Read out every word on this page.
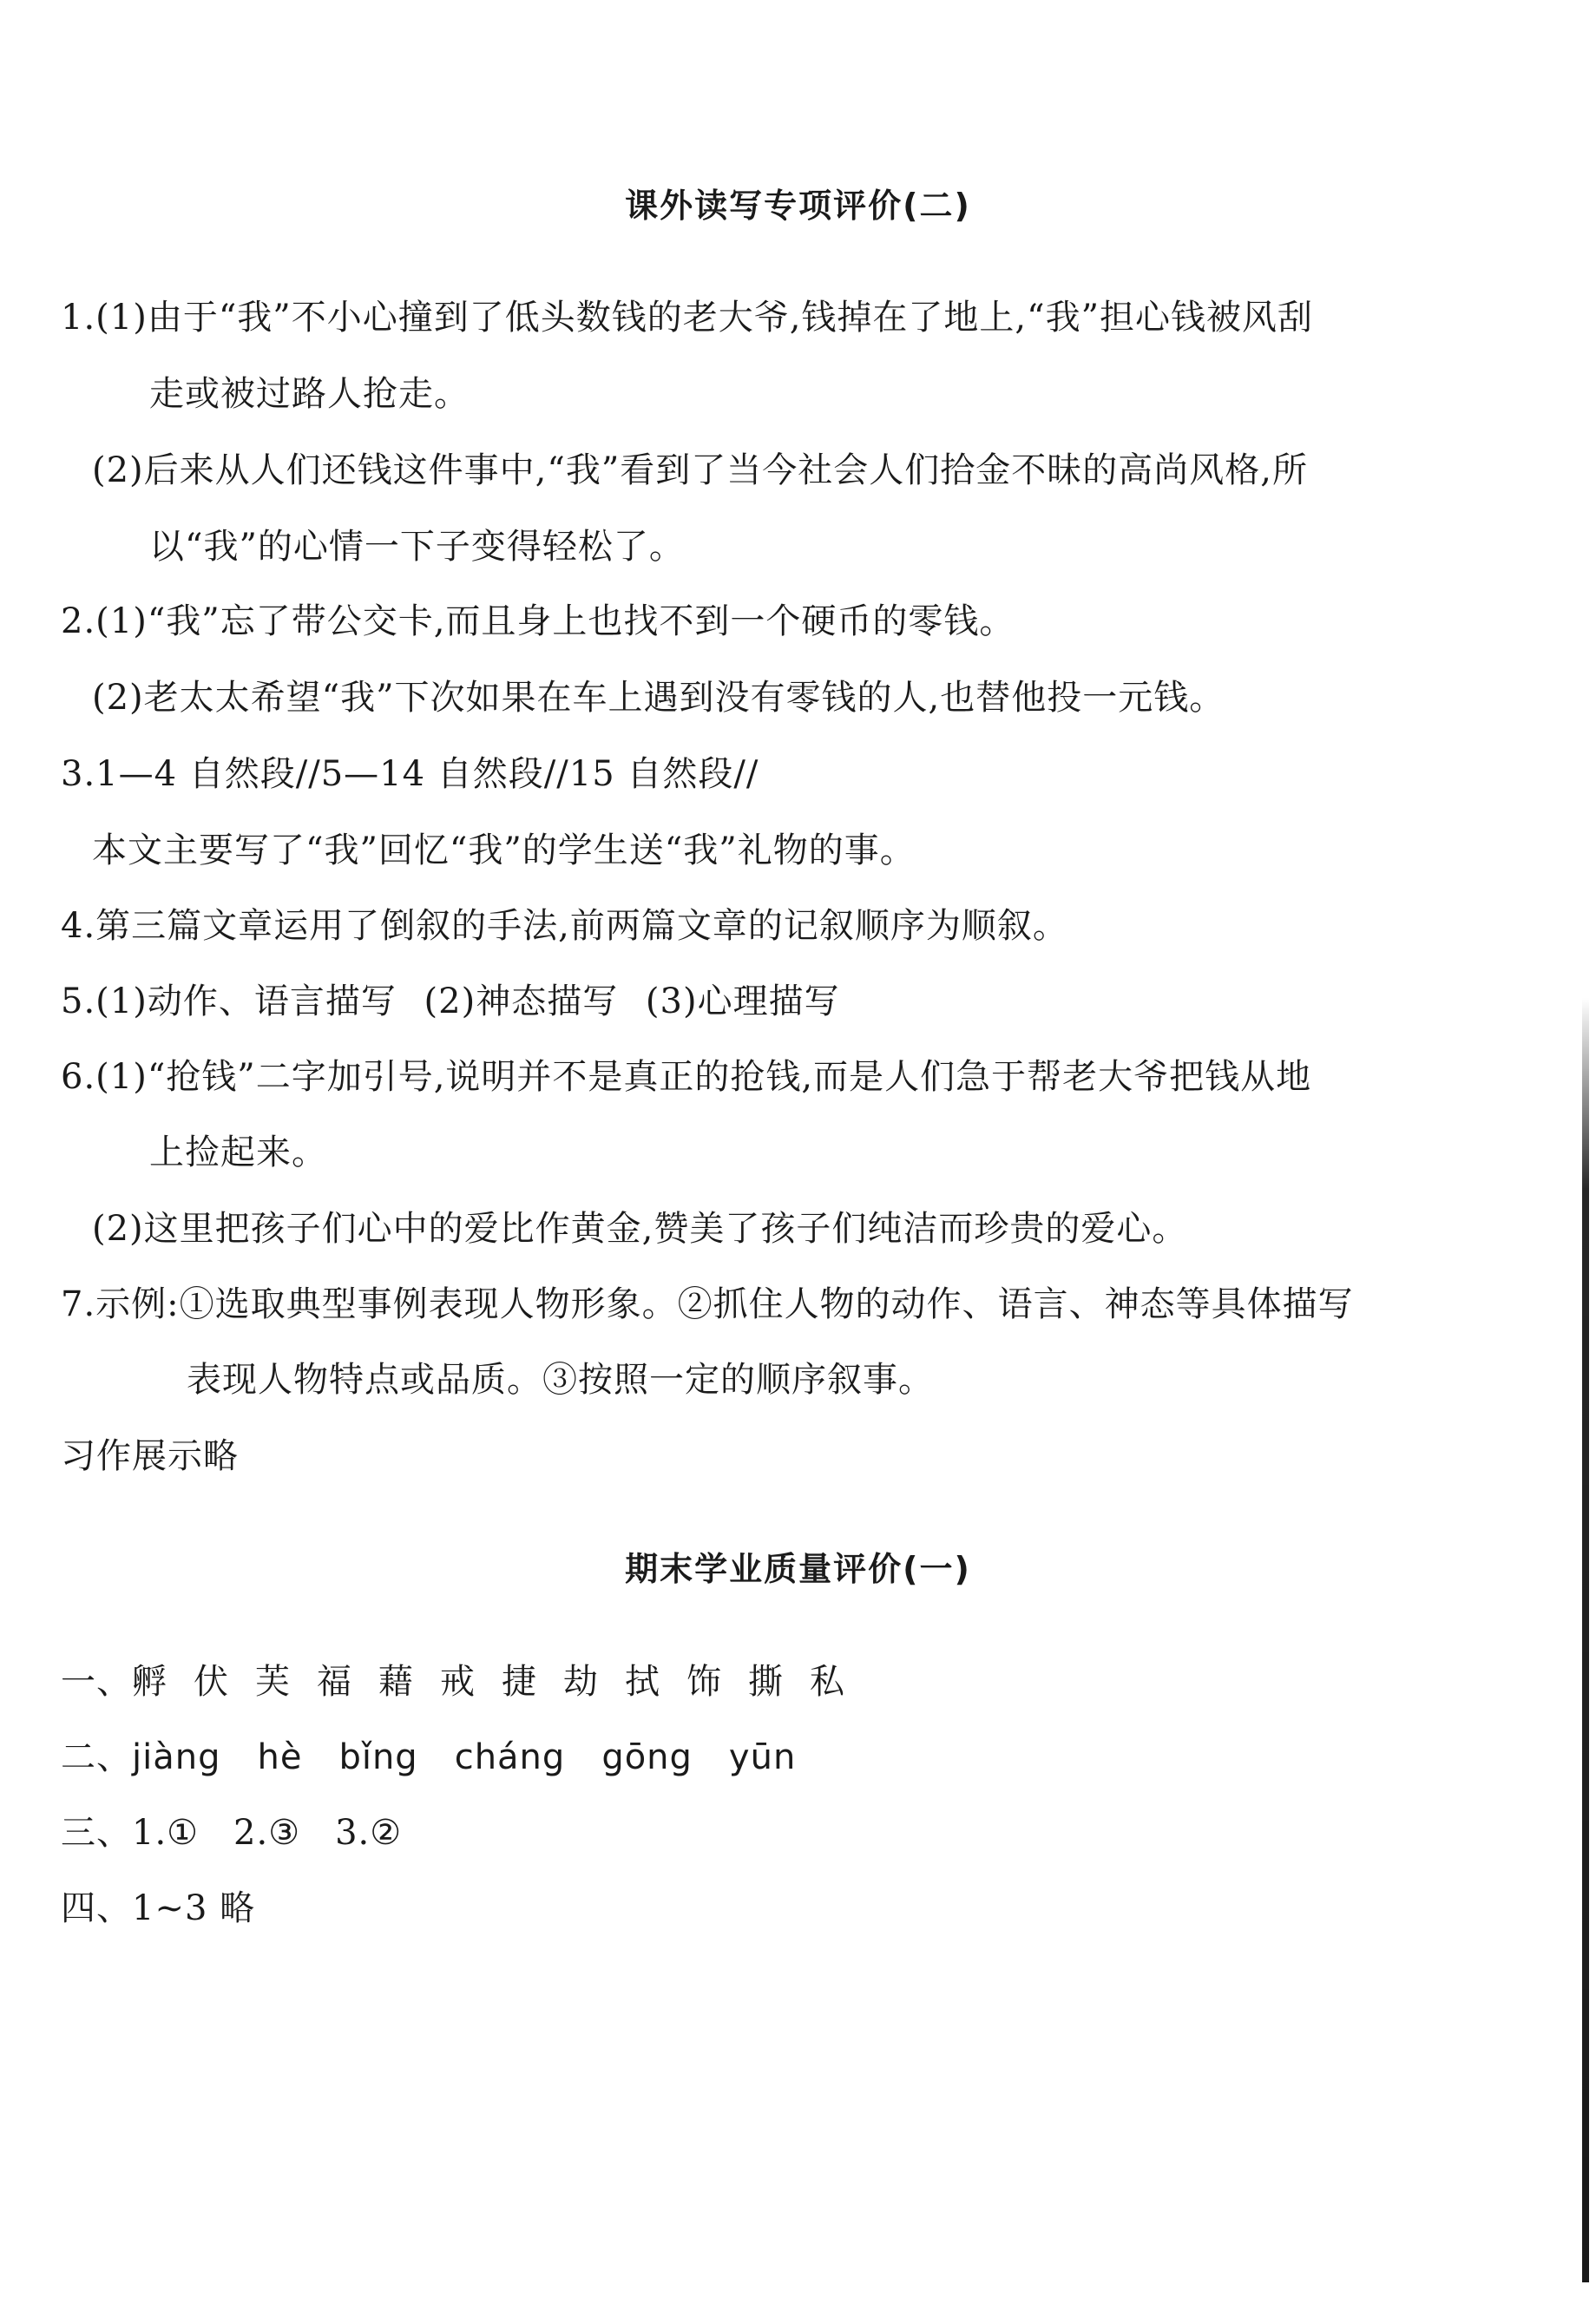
课外读写专项评价(二)
1.(1)由于“我”不小心撞到了低头数钱的老大爷,钱掉在了地上,“我”担心钱被风刮
走或被过路人抢走。
(2)后来从人们还钱这件事中,“我”看到了当今社会人们拾金不昧的高尚风格,所
以“我”的心情一下子变得轻松了。
2.(1)“我”忘了带公交卡,而且身上也找不到一个硬币的零钱。
(2)老太太希望“我”下次如果在车上遇到没有零钱的人,也替他投一元钱。
3.1—4 自然段//5—14 自然段//15 自然段//
本文主要写了“我”回忆“我”的学生送“我”礼物的事。
4.第三篇文章运用了倒叙的手法,前两篇文章的记叙顺序为顺叙。
5.(1)动作、语言描写 (2)神态描写 (3)心理描写
6.(1)“抢钱”二字加引号,说明并不是真正的抢钱,而是人们急于帮老大爷把钱从地
上捡起来。
(2)这里把孩子们心中的爱比作黄金,赞美了孩子们纯洁而珍贵的爱心。
7.示例:①选取典型事例表现人物形象。②抓住人物的动作、语言、神态等具体描写
表现人物特点或品质。③按照一定的顺序叙事。
习作展示略
期末学业质量评价(一)
一、孵 伏 芙 福 藉 戒 捷 劫 拭 饰 撕 私
二、jiàng hè bǐng cháng gōng yūn
三、1.① 2.③ 3.②
四、1~3 略
